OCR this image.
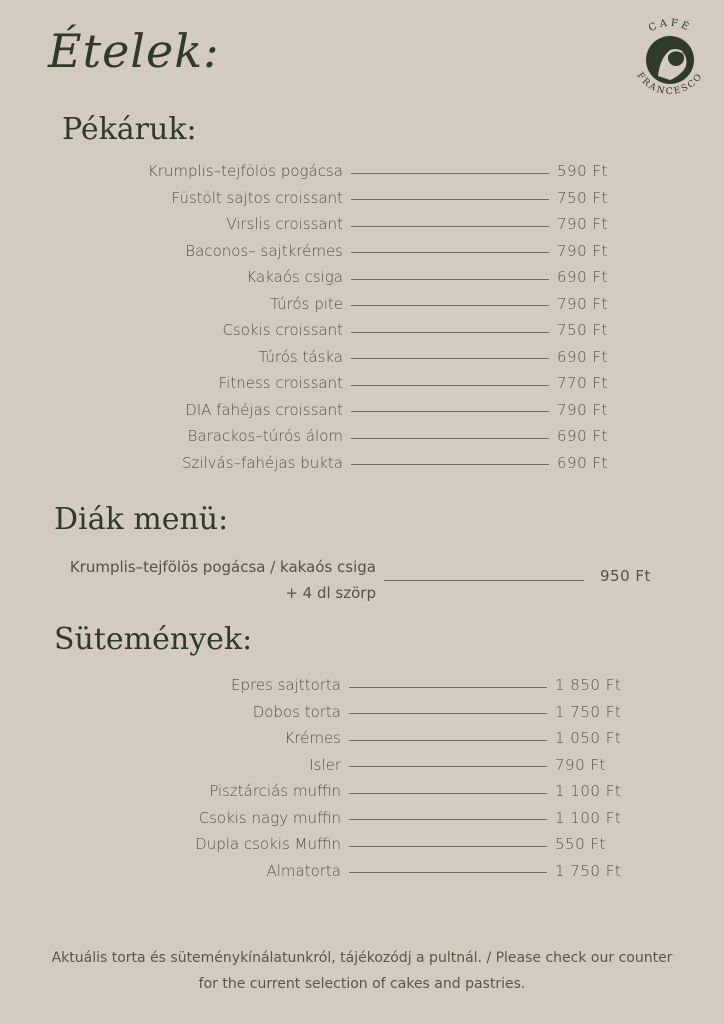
Ételek:	CAFÉ
FRANCESCO
Pékáruk:
Krumplis–tejfölös pogácsa	590 Ft
Füstölt sajtos croissant	750 Ft
Virslis croissant	790 Ft
Baconos– sajtkrémes	790 Ft
Kakaós csiga	690 Ft
Túrós pite	790 Ft
Csokis croissant	750 Ft
Túrós táska	690 Ft
Fitness croissant	770 Ft
DIA fahéjas croissant	790 Ft
Barackos–túrós álom	690 Ft
Szilvás–fahéjas bukta	690 Ft
Diák menü:
Krumplis–tejfölös pogácsa / kakaós csiga
+ 4 dl szörp
950 Ft
Sütemények:
Epres sajttorta	1 850 Ft
Dobos torta	1 750 Ft
Krémes	1 050 Ft
Isler	790 Ft
Pisztárciás muffin	1 100 Ft
Csokis nagy muffin	1 100 Ft
Dupla csokis Muffin	550 Ft
Almatorta	1 750 Ft
Aktuális torta és süteménykínálatunkról, tájékozódj a pultnál. / Please check our counter
for the current selection of cakes and pastries.
